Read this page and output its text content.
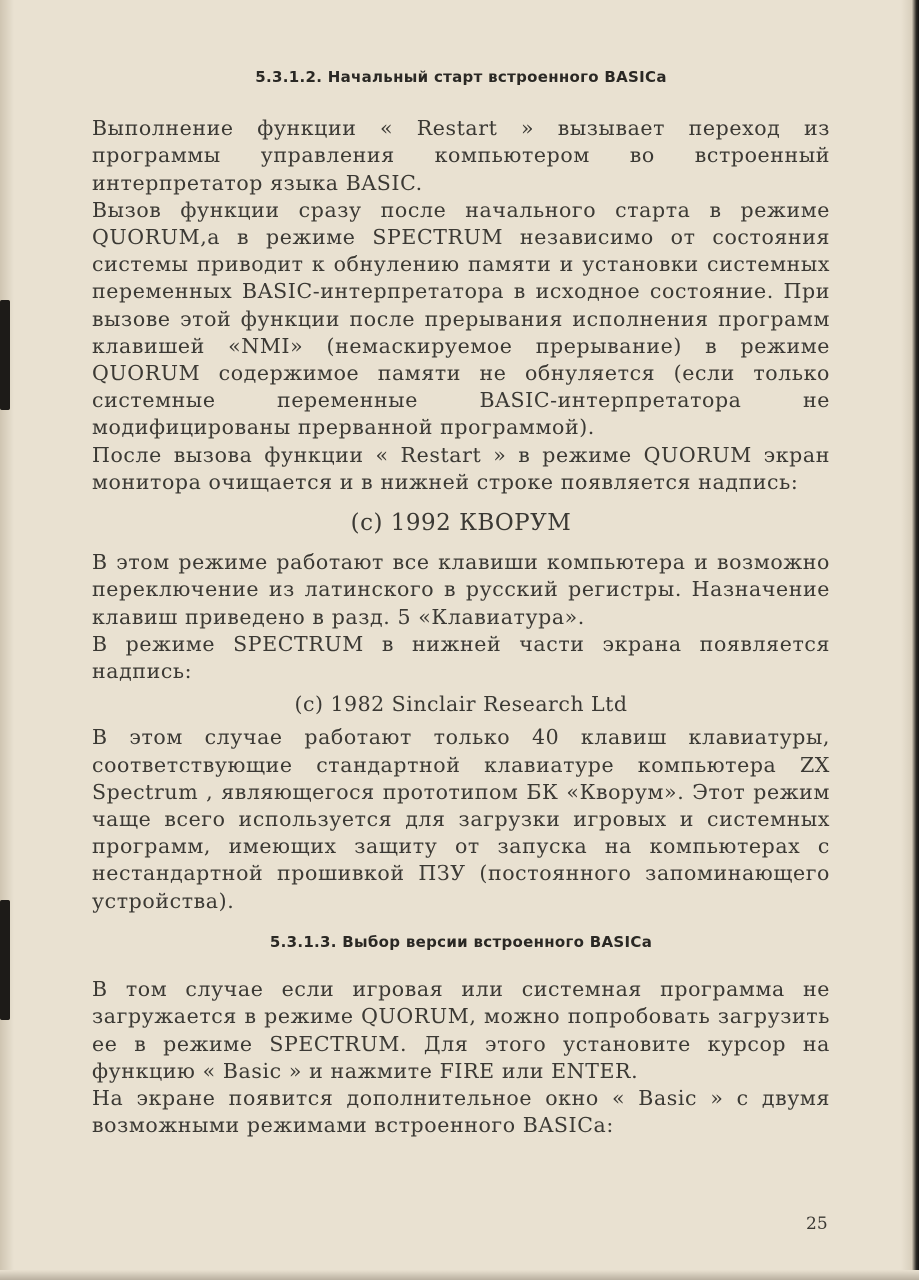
5.3.1.2. Начальный старт встроенного BASICа

Выполнение функции « Restart » вызывает переход из программы управления компьютером во встроенный интерпретатор языка BASIC.

Вызов функции сразу после начального старта в режиме QUORUM,а в режиме SPECTRUM независимо от состояния системы приводит к обнулению памяти и установки системных переменных BASIC-интерпретатора в исходное состояние. При вызове этой функции после прерывания исполнения программ клавишей «NMI» (немаскируемое прерывание) в режиме QUORUM содержимое памяти не обнуляется (если только системные переменные BASIC-интерпретатора не модифицированы прерванной программой).

После вызова функции « Restart » в режиме QUORUM экран монитора очищается и в нижней строке появляется надпись:

(c) 1992 КВОРУМ

В этом режиме работают все клавиши компьютера и возможно переключение из латинского в русский регистры. Назначение клавиш приведено в разд. 5 «Клавиатура».

В режиме SPECTRUM в нижней части экрана появляется надпись:

(c) 1982 Sinclair Research Ltd

В этом случае работают только 40 клавиш клавиатуры, соответствующие стандартной клавиатуре компьютера ZX Spectrum , являющегося прототипом БК «Кворум». Этот режим чаще всего используется для загрузки игровых и системных программ, имеющих защиту от запуска на компьютерах с нестандартной прошивкой ПЗУ (постоянного запоминающего устройства).

5.3.1.3. Выбор версии встроенного BASICа

В том случае если игровая или системная программа не загружается в режиме QUORUM, можно попробовать загрузить ее в режиме SPECTRUM. Для этого установите курсор на функцию « Basic » и нажмите FIRE или ENTER.

На экране появится дополнительное окно « Basic » с двумя возможными режимами встроенного BASICа:

25
